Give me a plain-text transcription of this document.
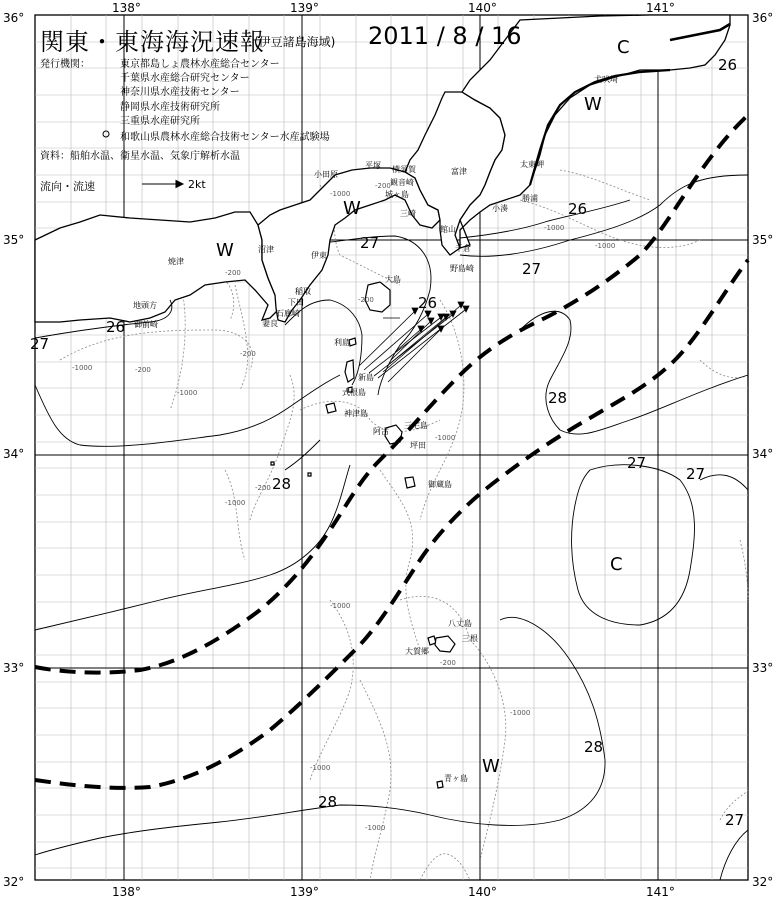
138°	139°	140°	141°
138°	139°	140°	141°
36°
35°
34°
33°
32°
36°
35°
34°
33°
32°
26
27
27
26
27
26
26
28
28
27
27
28
28
27
-200
-1000
-200
-1000	-200
-1000
-200
-200
-1000
-1000
-1000
-200
-1000
-1000
-1000
-200
-1000
-1000
C
W
W
W
C
W
小田原
平塚 横須賀
観音崎
城ヶ島
三崎
富津
小湊
館山
千倉
野島崎
勝浦
太東岬
犬吠埼
伊東
稲取
下田
石廊崎
妻良
沼津
焼津
地頭方
御前崎
大島
利島
新島
式根島
神津島
三宅島
阿古
坪田
御蔵島
八丈島
三根
大賀郷
青ヶ島
関東・東海海況速報
(伊豆諸島海域) 2011 / 8 / 16
発行機関：	東京都島しょ農林水産総合センター
千葉県水産総合研究センター
神奈川県水産技術センター
静岡県水産技術研究所
三重県水産研究所
和歌山県農林水産総合技術センター水産試験場
資料：船舶水温、衛星水温、気象庁解析水温
流向・流速	2kt
